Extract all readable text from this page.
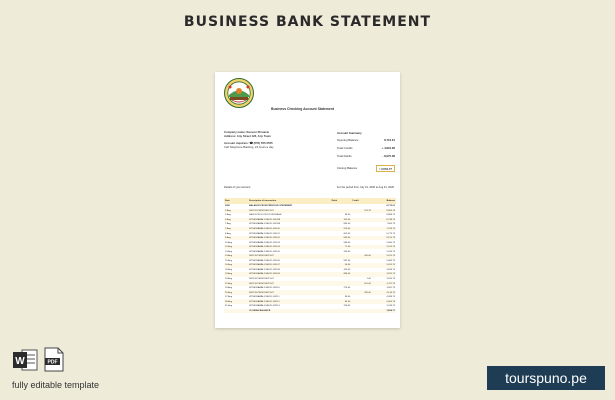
BUSINESS BANK STATEMENT
Business Checking Account Statement
Company name: Kuzuon Pinnacle
Address: Any Street 123, Any Town
Account inquiries: ☎ (555) 555-5555
Call Telephone Banking, 24 hours a day
Account Summary
Opening Balance	8,713.61
Total Credits	+ 4,816.28
Total Debits	- 8,975.08
Closing Balance	= 3,554.77
Details of your account	For the period from July 01, 2020 to Aug 31, 2020
Date	Description of transaction	Debit	Credit	Balance
2020	BALANCE FROM PREVIOUS STATEMENT			8,713.61
2-Aug	DEPOSIT ATM DEPOSIT		213.12	8,926.73
2-Aug	SALE FOR GOODS PURCHASE	38.00		8,888.73
3-Aug	WITHDRAWAL/CHECK 001098	150.00		8,738.73
7-Aug	WITHDRAWAL/CHECK 001099	834.00		7,904.73
7-Aug	WITHDRAWAL/CHECK 001100	526.00		7,378.73
8-Aug	WITHDRAWAL/CHECK 001101	605.00		6,773.73
9-Aug	WITHDRAWAL/CHECK 001102	649.00		6,124.73
10-Aug	WITHDRAWAL/CHECK 001103	538.00		5,586.73
12-Aug	WITHDRAWAL/CHECK 001104	71.00		5,515.73
13-Aug	WITHDRAWAL/CHECK 001105	256.00		5,259.73
14-Aug	DEPOSIT ATM DEPOSIT		416.00	5,675.73
15-Aug	WITHDRAWAL/CHECK 001106	592.00		5,083.73
16-Aug	WITHDRAWAL/CHECK 001107	58.00		5,025.73
18-Aug	WITHDRAWAL/CHECK 001108	426.00		4,599.73
19-Aug	WITHDRAWAL/CHECK 001109	684.00		3,915.73
20-Aug	DEPOSIT ATM DEPOSIT		1.00	3,916.73
22-Aug	DEPOSIT ATM DEPOSIT		201.00	4,117.73
24-Aug	WITHDRAWAL/CHECK 001110	276.00		3,841.73
25-Aug	DEPOSIT ATM DEPOSIT		295.00	4,136.73
27-Aug	WITHDRAWAL/CHECK 001111	38.00		4,098.73
28-Aug	WITHDRAWAL/CHECK 001112	94.00		4,004.73
31-Aug	WITHDRAWAL/CHECK 001113	256.00		3,748.73
	CLOSING BALANCE			3,554.77
W	PDF
fully editable template	tourspuno.pe
